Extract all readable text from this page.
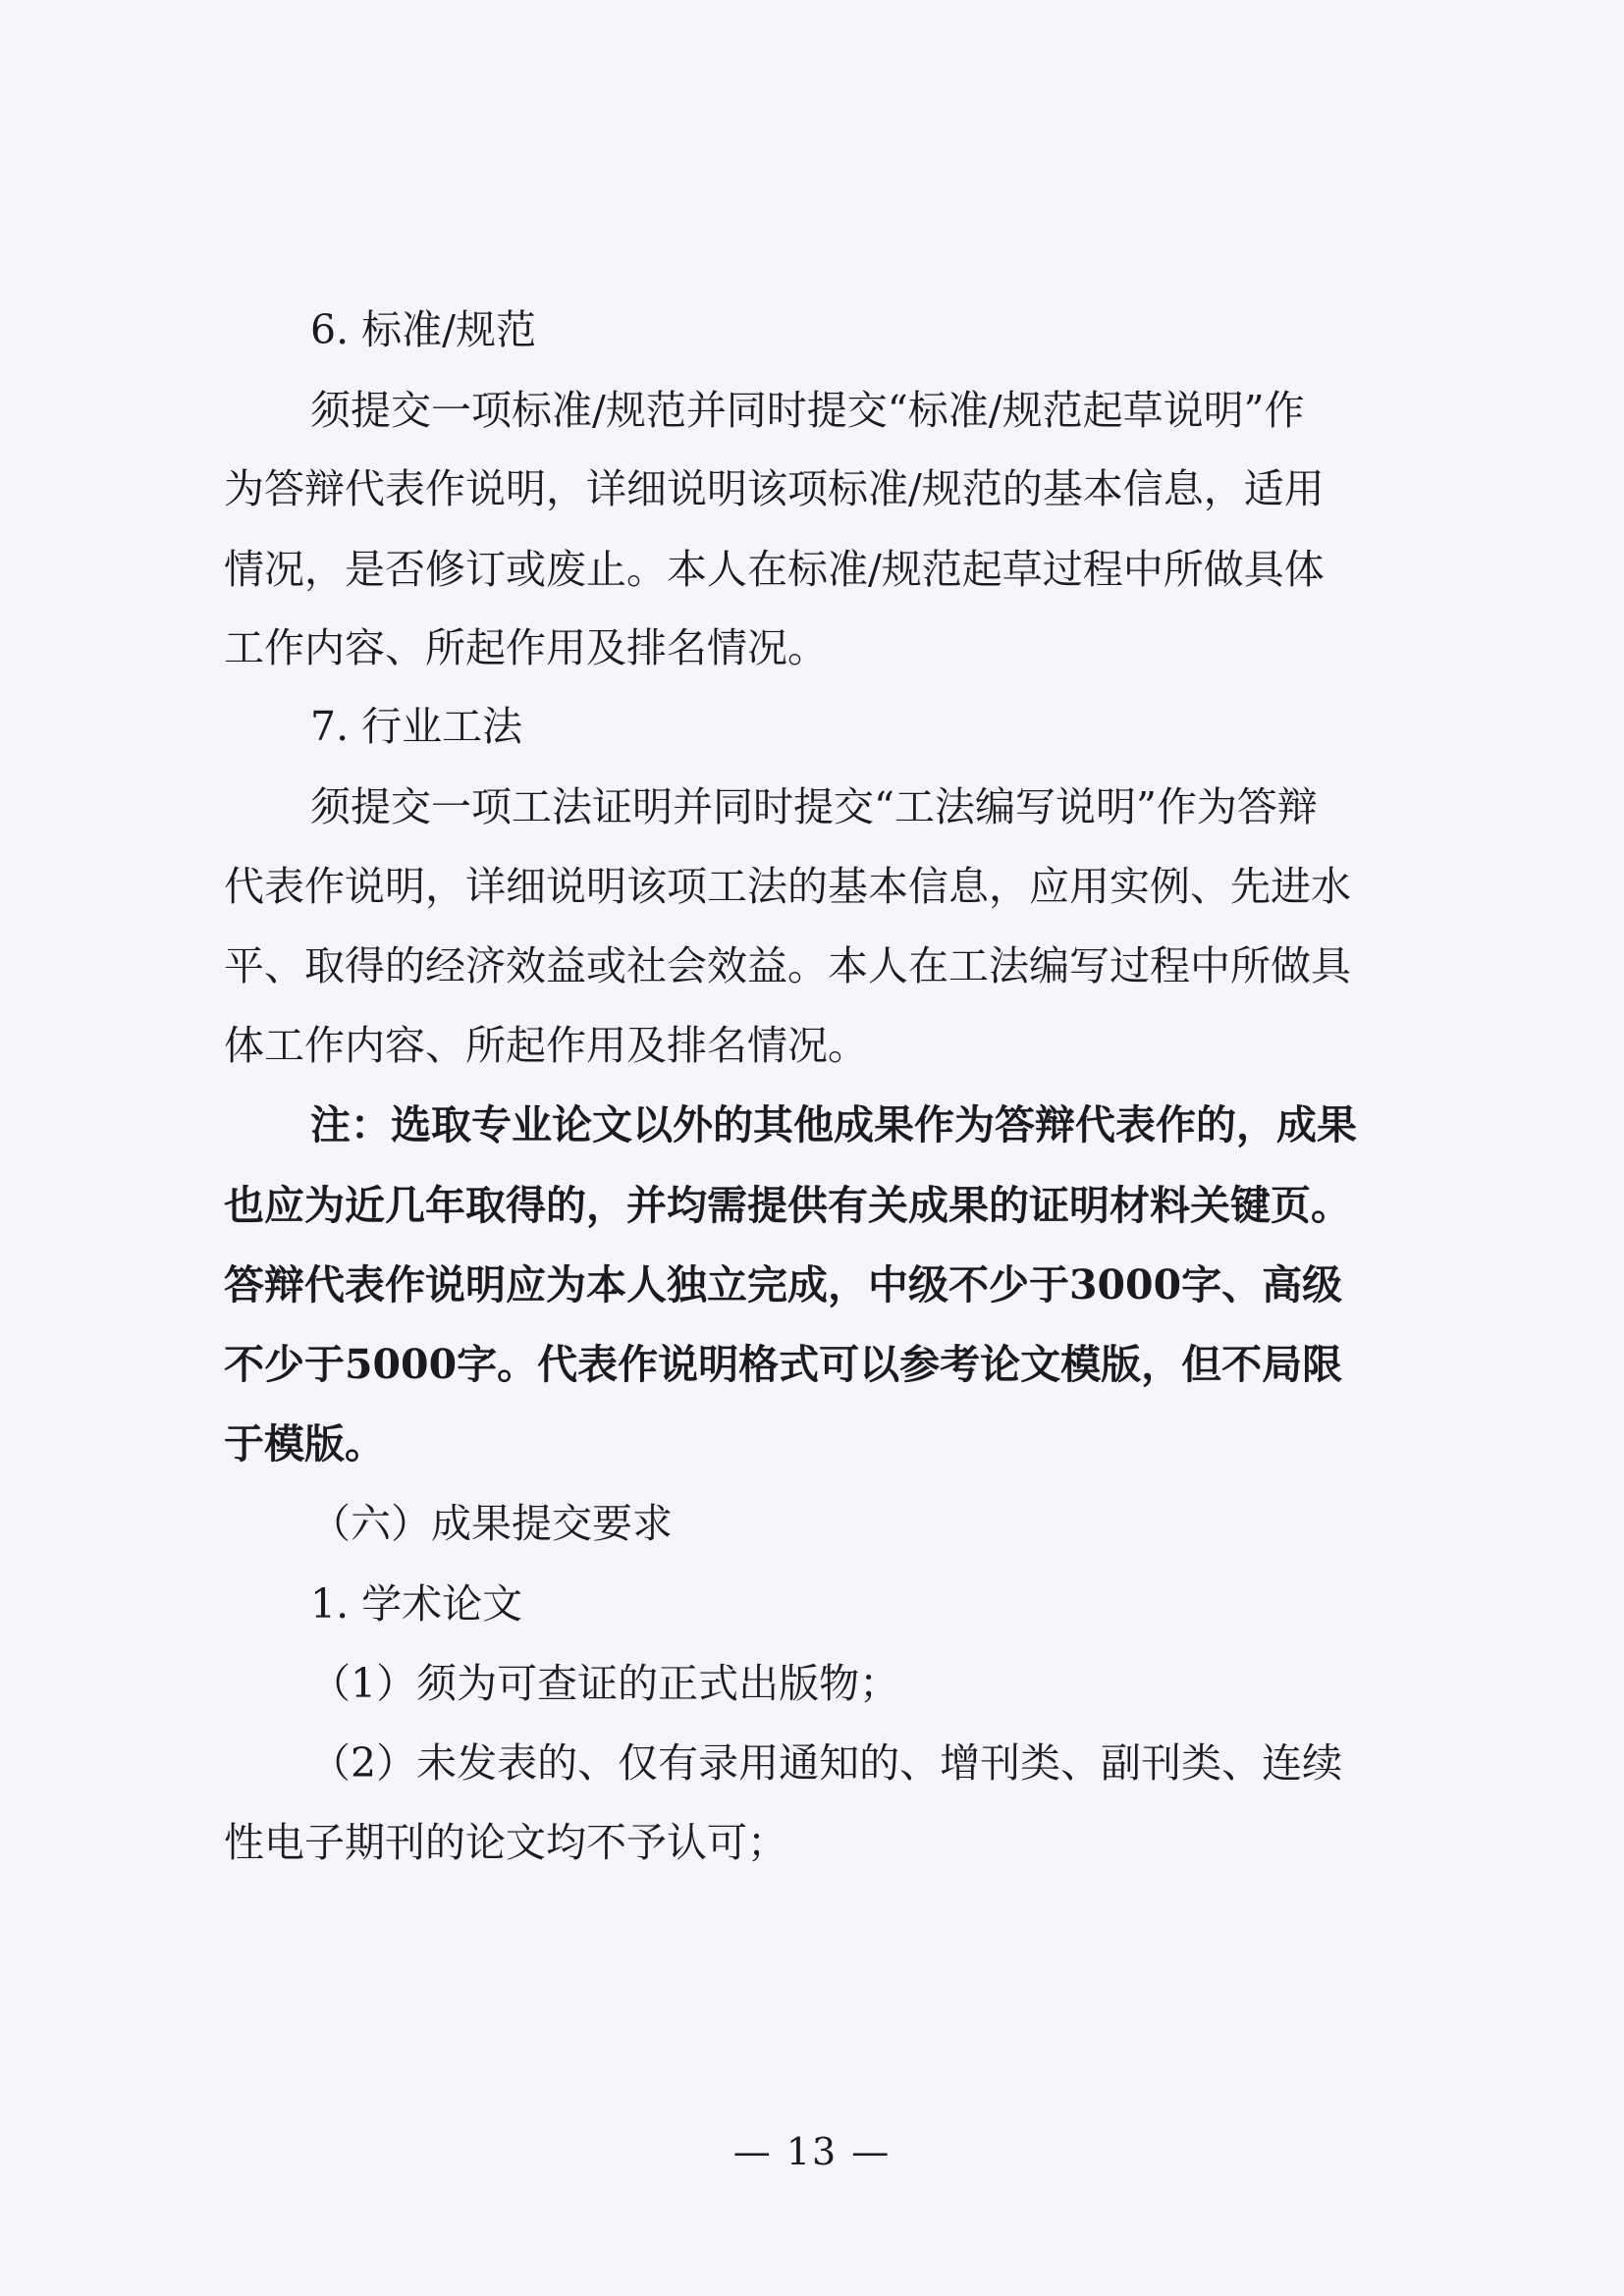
6. 标准/规范
须提交一项标准/规范并同时提交“标准/规范起草说明”作
为答辩代表作说明，详细说明该项标准/规范的基本信息，适用
情况，是否修订或废止。本人在标准/规范起草过程中所做具体
工作内容、所起作用及排名情况。
7. 行业工法
须提交一项工法证明并同时提交“工法编写说明”作为答辩
代表作说明，详细说明该项工法的基本信息，应用实例、先进水
平、取得的经济效益或社会效益。本人在工法编写过程中所做具
体工作内容、所起作用及排名情况。
注：选取专业论文以外的其他成果作为答辩代表作的，成果
也应为近几年取得的，并均需提供有关成果的证明材料关键页。
答辩代表作说明应为本人独立完成，中级不少于3000字、高级
不少于5000字。代表作说明格式可以参考论文模版，但不局限
于模版。
（六）成果提交要求
1. 学术论文
（1）须为可查证的正式出版物；
（2）未发表的、仅有录用通知的、增刊类、副刊类、连续
性电子期刊的论文均不予认可；
— 13 —
